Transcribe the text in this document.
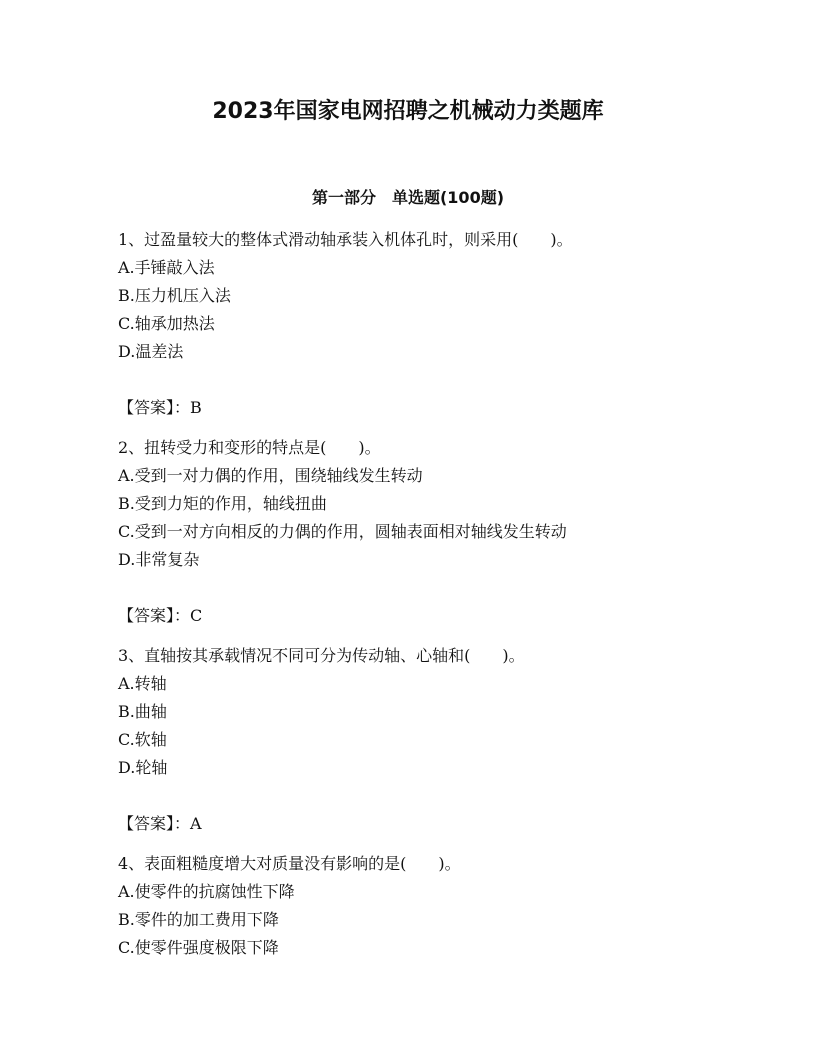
2023年国家电网招聘之机械动力类题库
第一部分　单选题(100题)
1、过盈量较大的整体式滑动轴承装入机体孔时，则采用(　　)。
A.手锤敲入法
B.压力机压入法
C.轴承加热法
D.温差法
【答案】：B
2、扭转受力和变形的特点是(　　)。
A.受到一对力偶的作用，围绕轴线发生转动
B.受到力矩的作用，轴线扭曲
C.受到一对方向相反的力偶的作用，圆轴表面相对轴线发生转动
D.非常复杂
【答案】：C
3、直轴按其承载情况不同可分为传动轴、心轴和(　　)。
A.转轴
B.曲轴
C.软轴
D.轮轴
【答案】：A
4、表面粗糙度增大对质量没有影响的是(　　)。
A.使零件的抗腐蚀性下降
B.零件的加工费用下降
C.使零件强度极限下降
